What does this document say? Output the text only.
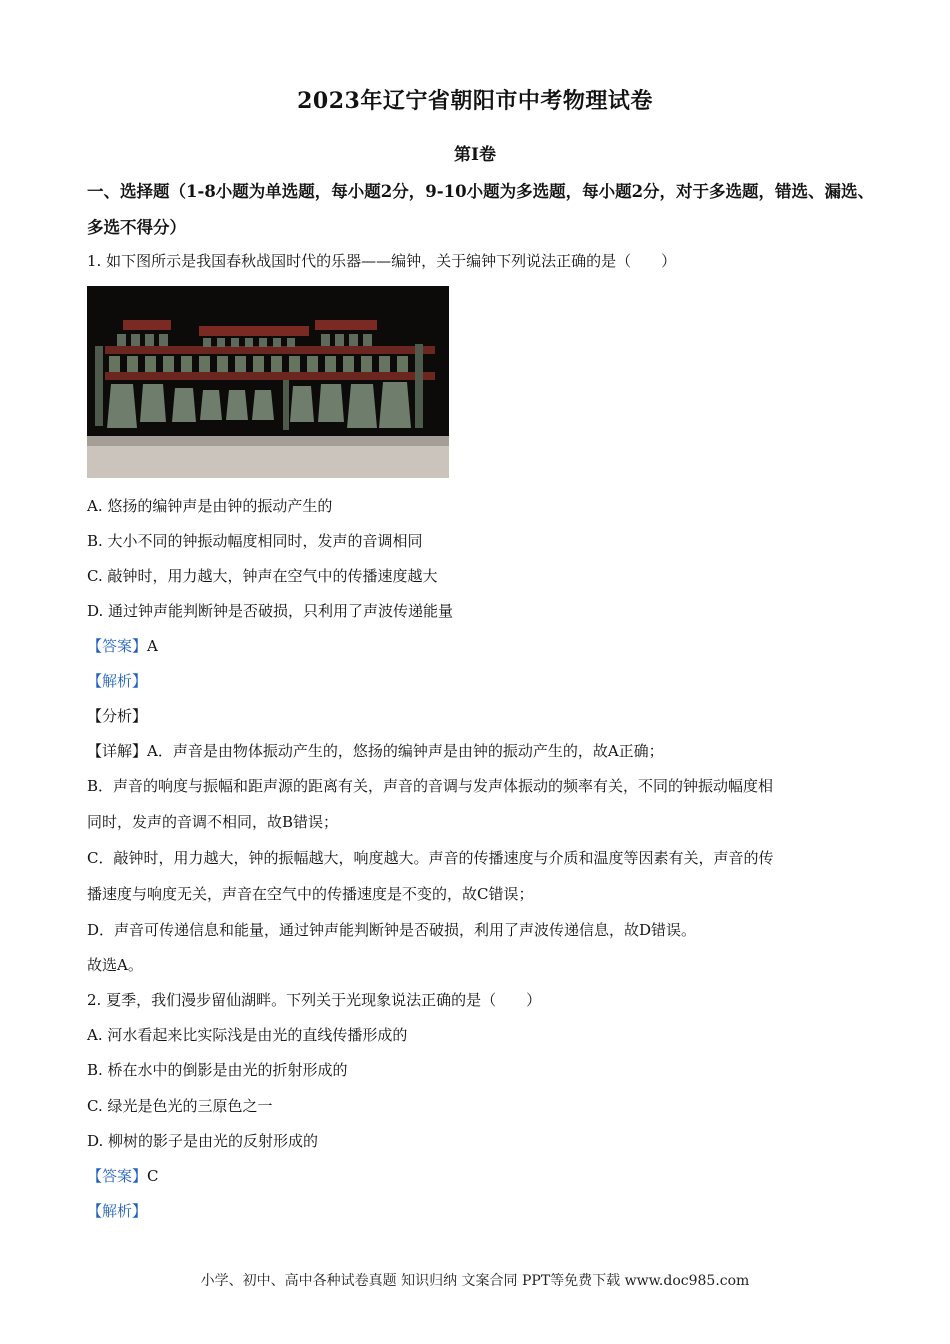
2023年辽宁省朝阳市中考物理试卷
第Ⅰ卷
一、选择题（1-8小题为单选题，每小题2分，9-10小题为多选题，每小题2分，对于多选题，错选、漏选、多选不得分）
1. 如下图所示是我国春秋战国时代的乐器——编钟，关于编钟下列说法正确的是（　　）
A. 悠扬的编钟声是由钟的振动产生的
B. 大小不同的钟振动幅度相同时，发声的音调相同
C. 敲钟时，用力越大，钟声在空气中的传播速度越大
D. 通过钟声能判断钟是否破损，只利用了声波传递能量
【答案】A
【解析】
【分析】
【详解】A．声音是由物体振动产生的，悠扬的编钟声是由钟的振动产生的，故A正确；
B．声音的响度与振幅和距声源的距离有关，声音的音调与发声体振动的频率有关，不同的钟振动幅度相
同时，发声的音调不相同，故B错误；
C．敲钟时，用力越大，钟的振幅越大，响度越大。声音的传播速度与介质和温度等因素有关，声音的传
播速度与响度无关，声音在空气中的传播速度是不变的，故C错误；
D．声音可传递信息和能量，通过钟声能判断钟是否破损，利用了声波传递信息，故D错误。
故选A。
2. 夏季，我们漫步留仙湖畔。下列关于光现象说法正确的是（　　）
A. 河水看起来比实际浅是由光的直线传播形成的
B. 桥在水中的倒影是由光的折射形成的
C. 绿光是色光的三原色之一
D. 柳树的影子是由光的反射形成的
【答案】C
【解析】
小学、初中、高中各种试卷真题 知识归纳 文案合同 PPT等免费下载 www.doc985.com
